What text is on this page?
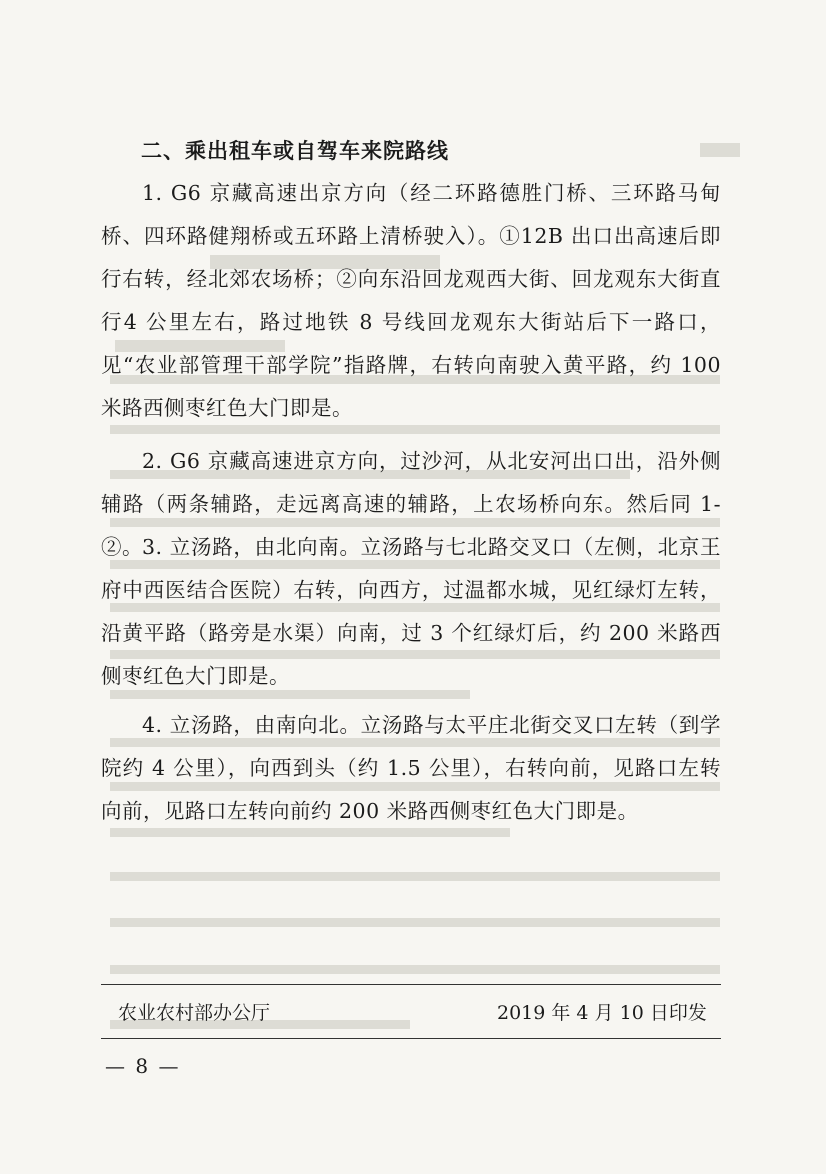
二、乘出租车或自驾车来院路线
1. G6 京藏高速出京方向（经二环路德胜门桥、三环路马甸桥、四环路健翔桥或五环路上清桥驶入）。①12B 出口出高速后即行右转，经北郊农场桥；②向东沿回龙观西大街、回龙观东大街直行4 公里左右，路过地铁 8 号线回龙观东大街站后下一路口，见“农业部管理干部学院”指路牌，右转向南驶入黄平路，约 100 米路西侧枣红色大门即是。
2. G6 京藏高速进京方向，过沙河，从北安河出口出，沿外侧辅路（两条辅路，走远离高速的辅路，上农场桥向东。然后同 1-②。 3. 立汤路，由北向南。立汤路与七北路交叉口（左侧，北京王府中西医结合医院）右转，向西方，过温都水城，见红绿灯左转，沿黄平路（路旁是水渠）向南，过 3 个红绿灯后，约 200 米路西侧枣红色大门即是。
4. 立汤路，由南向北。立汤路与太平庄北街交叉口左转（到学院约 4 公里），向西到头（约 1.5 公里），右转向前，见路口左转向前，见路口左转向前约 200 米路西侧枣红色大门即是。
农业农村部办公厅	2019 年 4 月 10 日印发
— 8 —
